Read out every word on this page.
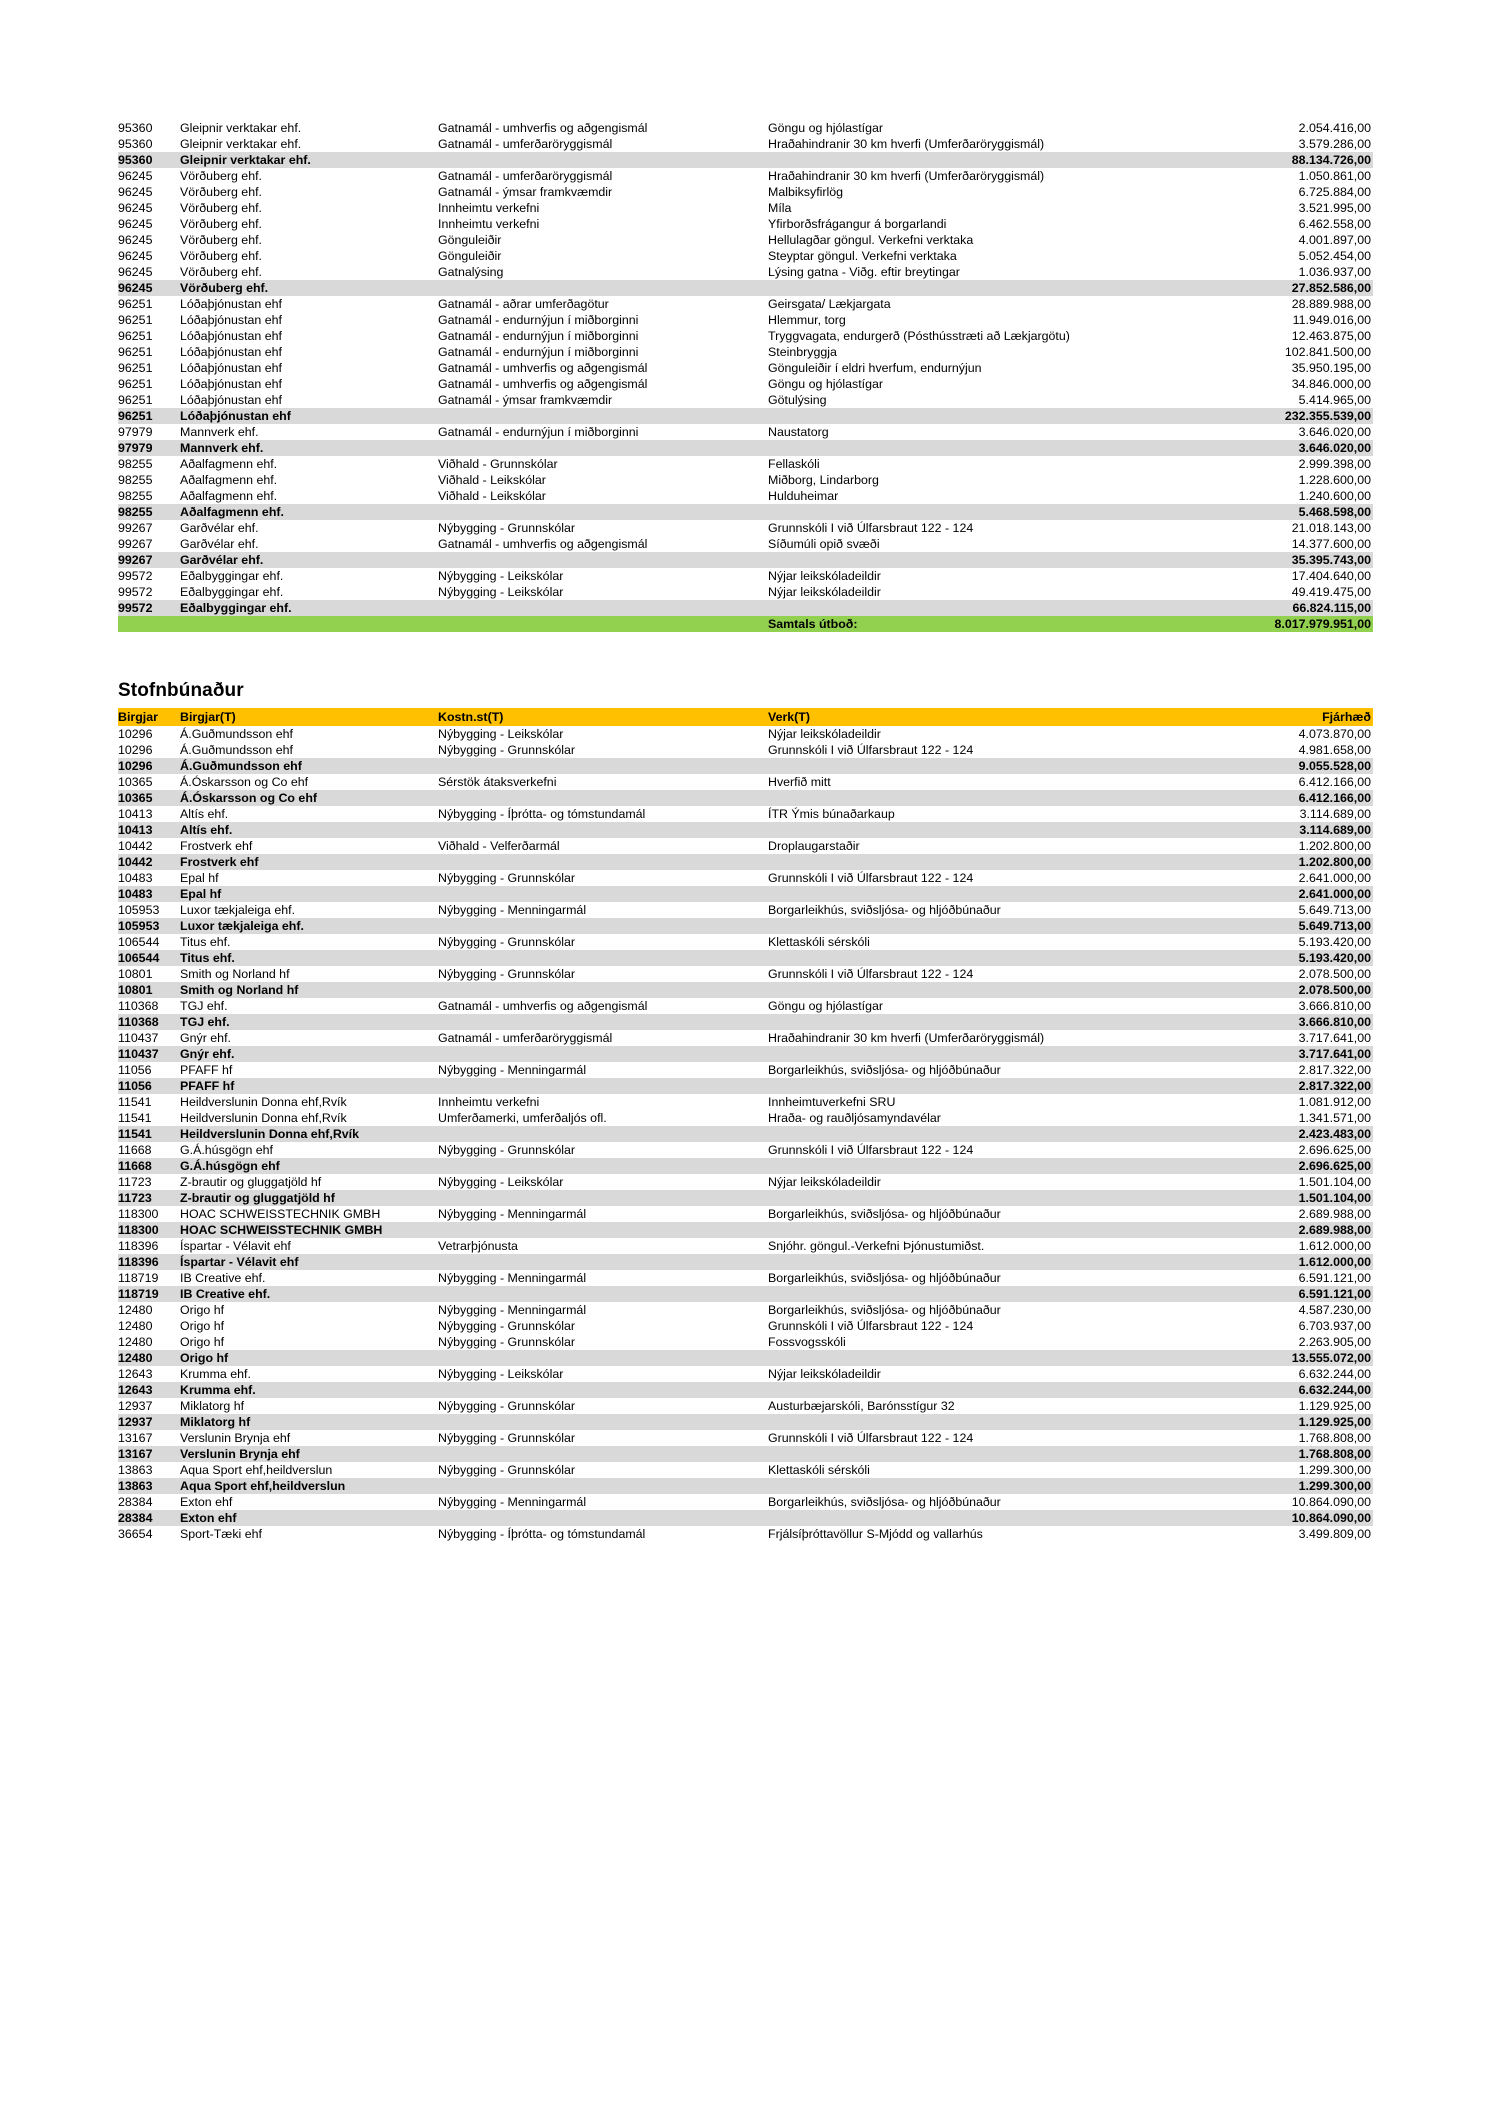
95360	Gleipnir verktakar ehf.	Gatnamál - umhverfis og aðgengismál	Göngu og hjólastígar	2.054.416,00
95360	Gleipnir verktakar ehf.	Gatnamál - umferðaröryggismál	Hraðahindranir 30 km hverfi (Umferðaröryggismál)	3.579.286,00
95360	Gleipnir verktakar ehf.			88.134.726,00
96245	Vörðuberg ehf.	Gatnamál - umferðaröryggismál	Hraðahindranir 30 km hverfi (Umferðaröryggismál)	1.050.861,00
96245	Vörðuberg ehf.	Gatnamál - ýmsar framkvæmdir	Malbiksyfirlög	6.725.884,00
96245	Vörðuberg ehf.	Innheimtu verkefni	Míla	3.521.995,00
96245	Vörðuberg ehf.	Innheimtu verkefni	Yfirborðsfrágangur á borgarlandi	6.462.558,00
96245	Vörðuberg ehf.	Gönguleiðir	Hellulagðar göngul. Verkefni verktaka	4.001.897,00
96245	Vörðuberg ehf.	Gönguleiðir	Steyptar göngul. Verkefni verktaka	5.052.454,00
96245	Vörðuberg ehf.	Gatnalýsing	Lýsing gatna - Viðg. eftir breytingar	1.036.937,00
96245	Vörðuberg ehf.			27.852.586,00
96251	Lóðaþjónustan ehf	Gatnamál - aðrar umferðagötur	Geirsgata/ Lækjargata	28.889.988,00
96251	Lóðaþjónustan ehf	Gatnamál - endurnýjun í miðborginni	Hlemmur, torg	11.949.016,00
96251	Lóðaþjónustan ehf	Gatnamál - endurnýjun í miðborginni	Tryggvagata, endurgerð (Pósthússtræti að Lækjargötu)	12.463.875,00
96251	Lóðaþjónustan ehf	Gatnamál - endurnýjun í miðborginni	Steinbryggja	102.841.500,00
96251	Lóðaþjónustan ehf	Gatnamál - umhverfis og aðgengismál	Gönguleiðir í eldri hverfum, endurnýjun	35.950.195,00
96251	Lóðaþjónustan ehf	Gatnamál - umhverfis og aðgengismál	Göngu og hjólastígar	34.846.000,00
96251	Lóðaþjónustan ehf	Gatnamál - ýmsar framkvæmdir	Götulýsing	5.414.965,00
96251	Lóðaþjónustan ehf			232.355.539,00
97979	Mannverk ehf.	Gatnamál - endurnýjun í miðborginni	Naustatorg	3.646.020,00
97979	Mannverk ehf.			3.646.020,00
98255	Aðalfagmenn ehf.	Viðhald - Grunnskólar	Fellaskóli	2.999.398,00
98255	Aðalfagmenn ehf.	Viðhald - Leikskólar	Miðborg, Lindarborg	1.228.600,00
98255	Aðalfagmenn ehf.	Viðhald - Leikskólar	Hulduheimar	1.240.600,00
98255	Aðalfagmenn ehf.			5.468.598,00
99267	Garðvélar ehf.	Nýbygging - Grunnskólar	Grunnskóli I við Úlfarsbraut 122 - 124	21.018.143,00
99267	Garðvélar ehf.	Gatnamál - umhverfis og aðgengismál	Síðumúli opið svæði	14.377.600,00
99267	Garðvélar ehf.			35.395.743,00
99572	Eðalbyggingar ehf.	Nýbygging - Leikskólar	Nýjar leikskóladeildir	17.404.640,00
99572	Eðalbyggingar ehf.	Nýbygging - Leikskólar	Nýjar leikskóladeildir	49.419.475,00
99572	Eðalbyggingar ehf.			66.824.115,00
			Samtals útboð:	8.017.979.951,00
Stofnbúnaður
Birgjar	Birgjar(T)	Kostn.st(T)	Verk(T)	Fjárhæð
10296	Á.Guðmundsson ehf	Nýbygging - Leikskólar	Nýjar leikskóladeildir	4.073.870,00
10296	Á.Guðmundsson ehf	Nýbygging - Grunnskólar	Grunnskóli I við Úlfarsbraut 122 - 124	4.981.658,00
10296	Á.Guðmundsson ehf			9.055.528,00
10365	Á.Óskarsson og Co ehf	Sérstök átaksverkefni	Hverfið mitt	6.412.166,00
10365	Á.Óskarsson og Co ehf			6.412.166,00
10413	Altís ehf.	Nýbygging - Íþrótta- og tómstundamál	ÍTR Ýmis búnaðarkaup	3.114.689,00
10413	Altís ehf.			3.114.689,00
10442	Frostverk ehf	Viðhald - Velferðarmál	Droplaugarstaðir	1.202.800,00
10442	Frostverk ehf			1.202.800,00
10483	Epal hf	Nýbygging - Grunnskólar	Grunnskóli I við Úlfarsbraut 122 - 124	2.641.000,00
10483	Epal hf			2.641.000,00
105953	Luxor tækjaleiga ehf.	Nýbygging - Menningarmál	Borgarleikhús, sviðsljósa- og hljóðbúnaður	5.649.713,00
105953	Luxor tækjaleiga ehf.			5.649.713,00
106544	Titus ehf.	Nýbygging - Grunnskólar	Klettaskóli sérskóli	5.193.420,00
106544	Titus ehf.			5.193.420,00
10801	Smith og Norland hf	Nýbygging - Grunnskólar	Grunnskóli I við Úlfarsbraut 122 - 124	2.078.500,00
10801	Smith og Norland hf			2.078.500,00
110368	TGJ ehf.	Gatnamál - umhverfis og aðgengismál	Göngu og hjólastígar	3.666.810,00
110368	TGJ ehf.			3.666.810,00
110437	Gnýr ehf.	Gatnamál - umferðaröryggismál	Hraðahindranir 30 km hverfi (Umferðaröryggismál)	3.717.641,00
110437	Gnýr ehf.			3.717.641,00
11056	PFAFF hf	Nýbygging - Menningarmál	Borgarleikhús, sviðsljósa- og hljóðbúnaður	2.817.322,00
11056	PFAFF hf			2.817.322,00
11541	Heildverslunin Donna ehf,Rvík	Innheimtu verkefni	Innheimtuverkefni SRU	1.081.912,00
11541	Heildverslunin Donna ehf,Rvík	Umferðamerki, umferðaljós ofl.	Hraða- og rauðljósamyndavélar	1.341.571,00
11541	Heildverslunin Donna ehf,Rvík			2.423.483,00
11668	G.Á.húsgögn ehf	Nýbygging - Grunnskólar	Grunnskóli I við Úlfarsbraut 122 - 124	2.696.625,00
11668	G.Á.húsgögn ehf			2.696.625,00
11723	Z-brautir og gluggatjöld hf	Nýbygging - Leikskólar	Nýjar leikskóladeildir	1.501.104,00
11723	Z-brautir og gluggatjöld hf			1.501.104,00
118300	HOAC SCHWEISSTECHNIK GMBH	Nýbygging - Menningarmál	Borgarleikhús, sviðsljósa- og hljóðbúnaður	2.689.988,00
118300	HOAC SCHWEISSTECHNIK GMBH			2.689.988,00
118396	Íspartar - Vélavit ehf	Vetrarþjónusta	Snjóhr. göngul.-Verkefni Þjónustumiðst.	1.612.000,00
118396	Íspartar - Vélavit ehf			1.612.000,00
118719	IB Creative ehf.	Nýbygging - Menningarmál	Borgarleikhús, sviðsljósa- og hljóðbúnaður	6.591.121,00
118719	IB Creative ehf.			6.591.121,00
12480	Origo hf	Nýbygging - Menningarmál	Borgarleikhús, sviðsljósa- og hljóðbúnaður	4.587.230,00
12480	Origo hf	Nýbygging - Grunnskólar	Grunnskóli I við Úlfarsbraut 122 - 124	6.703.937,00
12480	Origo hf	Nýbygging - Grunnskólar	Fossvogsskóli	2.263.905,00
12480	Origo hf			13.555.072,00
12643	Krumma ehf.	Nýbygging - Leikskólar	Nýjar leikskóladeildir	6.632.244,00
12643	Krumma ehf.			6.632.244,00
12937	Miklatorg hf	Nýbygging - Grunnskólar	Austurbæjarskóli, Barónsstígur 32	1.129.925,00
12937	Miklatorg hf			1.129.925,00
13167	Verslunin Brynja ehf	Nýbygging - Grunnskólar	Grunnskóli I við Úlfarsbraut 122 - 124	1.768.808,00
13167	Verslunin Brynja ehf			1.768.808,00
13863	Aqua Sport ehf,heildverslun	Nýbygging - Grunnskólar	Klettaskóli sérskóli	1.299.300,00
13863	Aqua Sport ehf,heildverslun			1.299.300,00
28384	Exton ehf	Nýbygging - Menningarmál	Borgarleikhús, sviðsljósa- og hljóðbúnaður	10.864.090,00
28384	Exton ehf			10.864.090,00
36654	Sport-Tæki ehf	Nýbygging - Íþrótta- og tómstundamál	Frjálsíþróttavöllur S-Mjódd og vallarhús	3.499.809,00
